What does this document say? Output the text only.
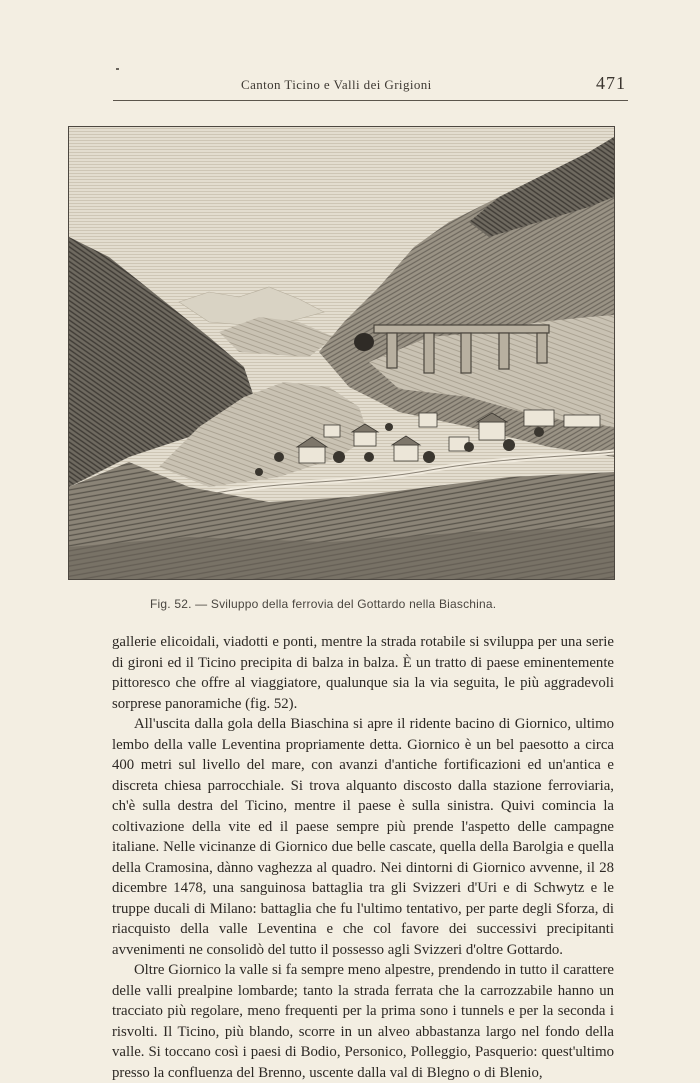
Canton Ticino e Valli dei Grigioni	471
Fig. 52. — Sviluppo della ferrovia del Gottardo nella Biaschina.

gallerie elicoidali, viadotti e ponti, mentre la strada rotabile si sviluppa per una serie di gironi ed il Ticino precipita di balza in balza. È un tratto di paese eminentemente pittoresco che offre al viaggiatore, qualunque sia la via seguita, le più aggradevoli sorprese panoramiche (fig. 52).

All'uscita dalla gola della Biaschina si apre il ridente bacino di Giornico, ultimo lembo della valle Leventina propriamente detta. Giornico è un bel paesotto a circa 400 metri sul livello del mare, con avanzi d'antiche fortificazioni ed un'antica e discreta chiesa parrocchiale. Si trova alquanto discosto dalla stazione ferroviaria, ch'è sulla destra del Ticino, mentre il paese è sulla sinistra. Quivi comincia la coltivazione della vite ed il paese sempre più prende l'aspetto delle campagne italiane. Nelle vicinanze di Giornico due belle cascate, quella della Barolgia e quella della Cramosina, dànno vaghezza al quadro. Nei dintorni di Giornico avvenne, il 28 dicembre 1478, una sanguinosa battaglia tra gli Svizzeri d'Uri e di Schwytz e le truppe ducali di Milano: battaglia che fu l'ultimo tentativo, per parte degli Sforza, di riacquisto della valle Leventina e che col favore dei successivi precipitanti avvenimenti ne consolidò del tutto il possesso agli Svizzeri d'oltre Gottardo.

Oltre Giornico la valle si fa sempre meno alpestre, prendendo in tutto il carattere delle valli prealpine lombarde; tanto la strada ferrata che la carrozzabile hanno un tracciato più regolare, meno frequenti per la prima sono i tunnels e per la seconda i risvolti. Il Ticino, più blando, scorre in un alveo abbastanza largo nel fondo della valle. Si toccano così i paesi di Bodio, Personico, Polleggio, Pasquerio: quest'ultimo presso la confluenza del Brenno, uscente dalla val di Blegno o di Blenio,
